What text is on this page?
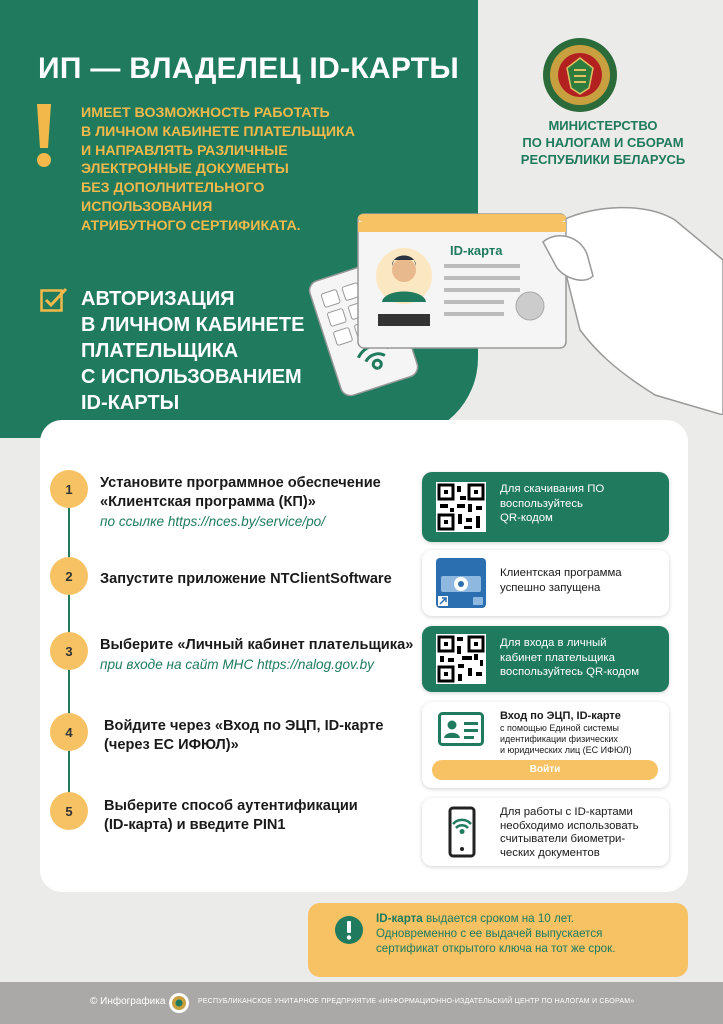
ИП — ВЛАДЕЛЕЦ ID-КАРТЫ
ИМЕЕТ ВОЗМОЖНОСТЬ РАБОТАТЬ
В ЛИЧНОМ КАБИНЕТЕ ПЛАТЕЛЬЩИКА
И НАПРАВЛЯТЬ РАЗЛИЧНЫЕ
ЭЛЕКТРОННЫЕ ДОКУМЕНТЫ
БЕЗ ДОПОЛНИТЕЛЬНОГО
ИСПОЛЬЗОВАНИЯ
АТРИБУТНОГО СЕРТИФИКАТА.
АВТОРИЗАЦИЯ
В ЛИЧНОМ КАБИНЕТЕ
ПЛАТЕЛЬЩИКА
С ИСПОЛЬЗОВАНИЕМ
ID-КАРТЫ
МИНИСТЕРСТВО
ПО НАЛОГАМ И СБОРАМ
РЕСПУБЛИКИ БЕЛАРУСЬ
ID-карта
1	Установите программное обеспечение
«Клиентская программа (КП)»
по ссылке https://nces.by/service/po/
2	Запустите приложение NTClientSoftware
3	Выберите «Личный кабинет плательщика»
при входе на сайт МНС https://nalog.gov.by
4	Войдите через «Вход по ЭЦП, ID-карте
(через ЕС ИФЮЛ)»
5	Выберите способ аутентификации
(ID-карта) и введите PIN1
Для скачивания ПО
воспользуйтесь
QR-кодом
Клиентская программа
успешно запущена
Для входа в личный
кабинет плательщика
воспользуйтесь QR-кодом
Вход по ЭЦП, ID-карте
с помощью Единой системы
идентификации физических
и юридических лиц (ЕС ИФЮЛ)
Войти
Для работы с ID-картами
необходимо использовать
считыватели биометри-
ческих документов
ID-карта выдается сроком на 10 лет.
Одновременно с ее выдачей выпускается
сертификат открытого ключа на тот же срок.
© Инфографика	РЕСПУБЛИКАНСКОЕ УНИТАРНОЕ ПРЕДПРИЯТИЕ «ИНФОРМАЦИОННО-ИЗДАТЕЛЬСКИЙ ЦЕНТР ПО НАЛОГАМ И СБОРАМ»
